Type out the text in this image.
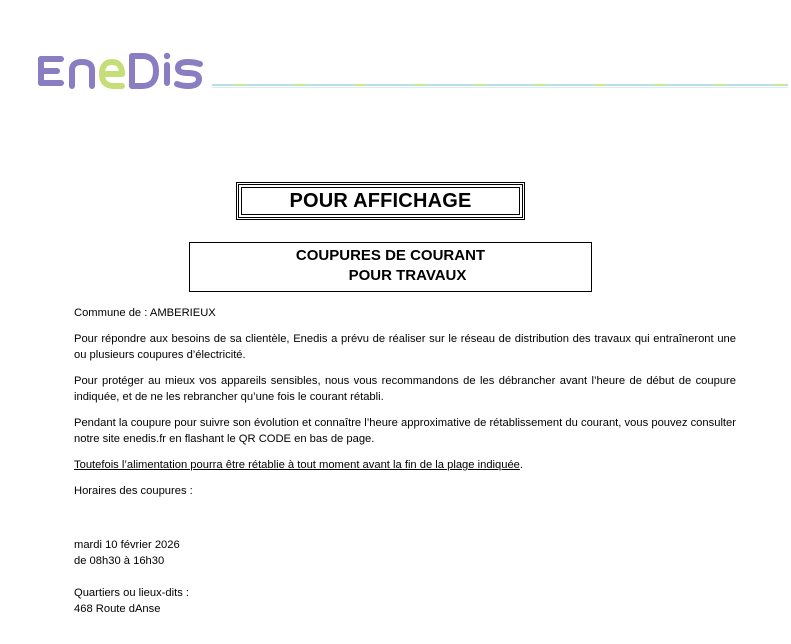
POUR AFFICHAGE
COUPURES DE COURANT
POUR TRAVAUX

Commune de : AMBERIEUX

Pour répondre aux besoins de sa clientèle, Enedis a prévu de réaliser sur le réseau de distribution des travaux qui entraîneront une ou plusieurs coupures d’électricité.

Pour protéger au mieux vos appareils sensibles, nous vous recommandons de les débrancher avant l’heure de début de coupure indiquée, et de ne les rebrancher qu’une fois le courant rétabli.

Pendant la coupure pour suivre son évolution et connaître l’heure approximative de rétablissement du courant, vous pouvez consulter notre site enedis.fr en flashant le QR CODE en bas de page.

Toutefois l’alimentation pourra être rétablie à tout moment avant la fin de la plage indiquée.

Horaires des coupures :

mardi 10 février 2026
de 08h30 à 16h30
Quartiers ou lieux-dits :
468 Route dAnse
